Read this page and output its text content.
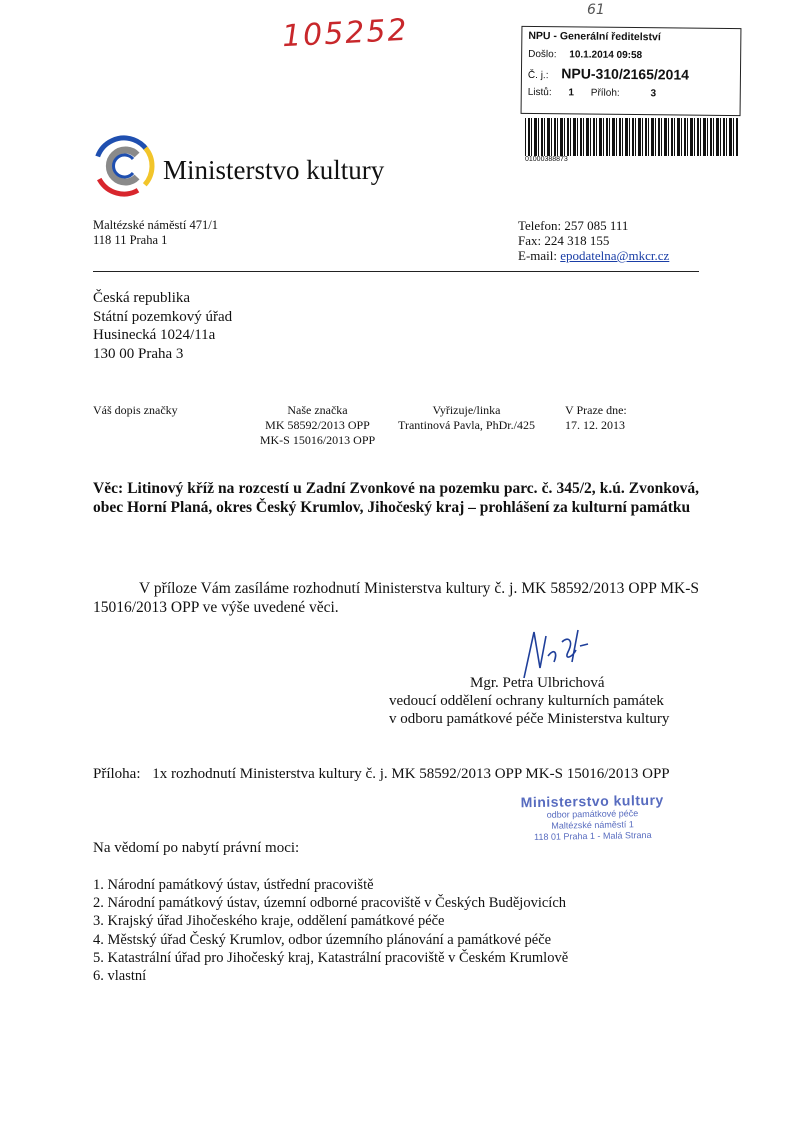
105252
61
NPU - Generální ředitelství
Došlo: 10.1.2014 09:58
Č. j.: NPU-310/2165/2014
Listů: 1 Příloh:	3
01000388873
Ministerstvo kultury
Maltézské náměstí 471/1
118 11 Praha 1
Telefon: 257 085 111
Fax: 224 318 155
E-mail: epodatelna@mkcr.cz
Česká republika
Státní pozemkový úřad
Husinecká 1024/11a
130 00 Praha 3
Váš dopis značky	Naše značka
MK 58592/2013 OPP
MK-S 15016/2013 OPP
Vyřizuje/linka
Trantinová Pavla, PhDr./425
V Praze dne:
17. 12. 2013
Věc: Litinový kříž na rozcestí u Zadní Zvonkové na pozemku parc. č. 345/2, k.ú. Zvonková, obec Horní Planá, okres Český Krumlov, Jihočeský kraj – prohlášení za kulturní památku
V příloze Vám zasíláme rozhodnutí Ministerstva kultury č. j. MK 58592/2013 OPP MK-S 15016/2013 OPP ve výše uvedené věci.
Mgr. Petra Ulbrichová
vedoucí oddělení ochrany kulturních památek
v odboru památkové péče Ministerstva kultury
Příloha: 1x rozhodnutí Ministerstva kultury č. j. MK 58592/2013 OPP MK-S 15016/2013 OPP
Ministerstvo kultury
odbor památkové péče
Maltézské náměstí 1
118 01 Praha 1 - Malá Strana
Na vědomí po nabytí právní moci:
1. Národní památkový ústav, ústřední pracoviště
2. Národní památkový ústav, územní odborné pracoviště v Českých Budějovicích
3. Krajský úřad Jihočeského kraje, oddělení památkové péče
4. Městský úřad Český Krumlov, odbor územního plánování a památkové péče
5. Katastrální úřad pro Jihočeský kraj, Katastrální pracoviště v Českém Krumlově
6. vlastní
